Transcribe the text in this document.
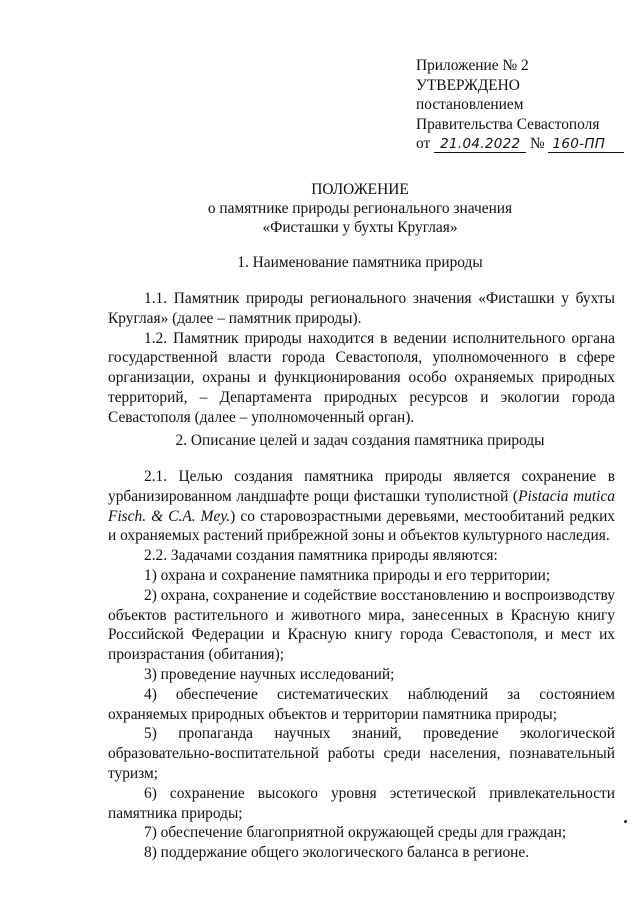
Приложение № 2
УТВЕРЖДЕНО
постановлением
Правительства Севастополя
от 21.04.2022 № 160-ПП
ПОЛОЖЕНИЕ
о памятнике природы регионального значения
«Фисташки у бухты Круглая»
1. Наименование памятника природы

1.1. Памятник природы регионального значения «Фисташки у бухты Круглая» (далее – памятник природы).

1.2. Памятник природы находится в ведении исполнительного органа государственной власти города Севастополя, уполномоченного в сфере организации, охраны и функционирования особо охраняемых природных территорий, – Департамента природных ресурсов и экологии города Севастополя (далее – уполномоченный орган).

2. Описание целей и задач создания памятника природы

2.1. Целью создания памятника природы является сохранение в урбанизированном ландшафте рощи фисташки туполистной (Pistacia mutica Fisch. & C.A. Mey.) со старовозрастными деревьями, местообитаний редких и охраняемых растений прибрежной зоны и объектов культурного наследия.

2.2. Задачами создания памятника природы являются:

1) охрана и сохранение памятника природы и его территории;

2) охрана, сохранение и содействие восстановлению и воспроизводству объектов растительного и животного мира, занесенных в Красную книгу Российской Федерации и Красную книгу города Севастополя, и мест их произрастания (обитания);

3) проведение научных исследований;

4) обеспечение систематических наблюдений за состоянием охраняемых природных объектов и территории памятника природы;

5) пропаганда научных знаний, проведение экологической образовательно-воспитательной работы среди населения, познавательный туризм;

6) сохранение высокого уровня эстетической привлекательности памятника природы;

7) обеспечение благоприятной окружающей среды для граждан;

8) поддержание общего экологического баланса в регионе.
